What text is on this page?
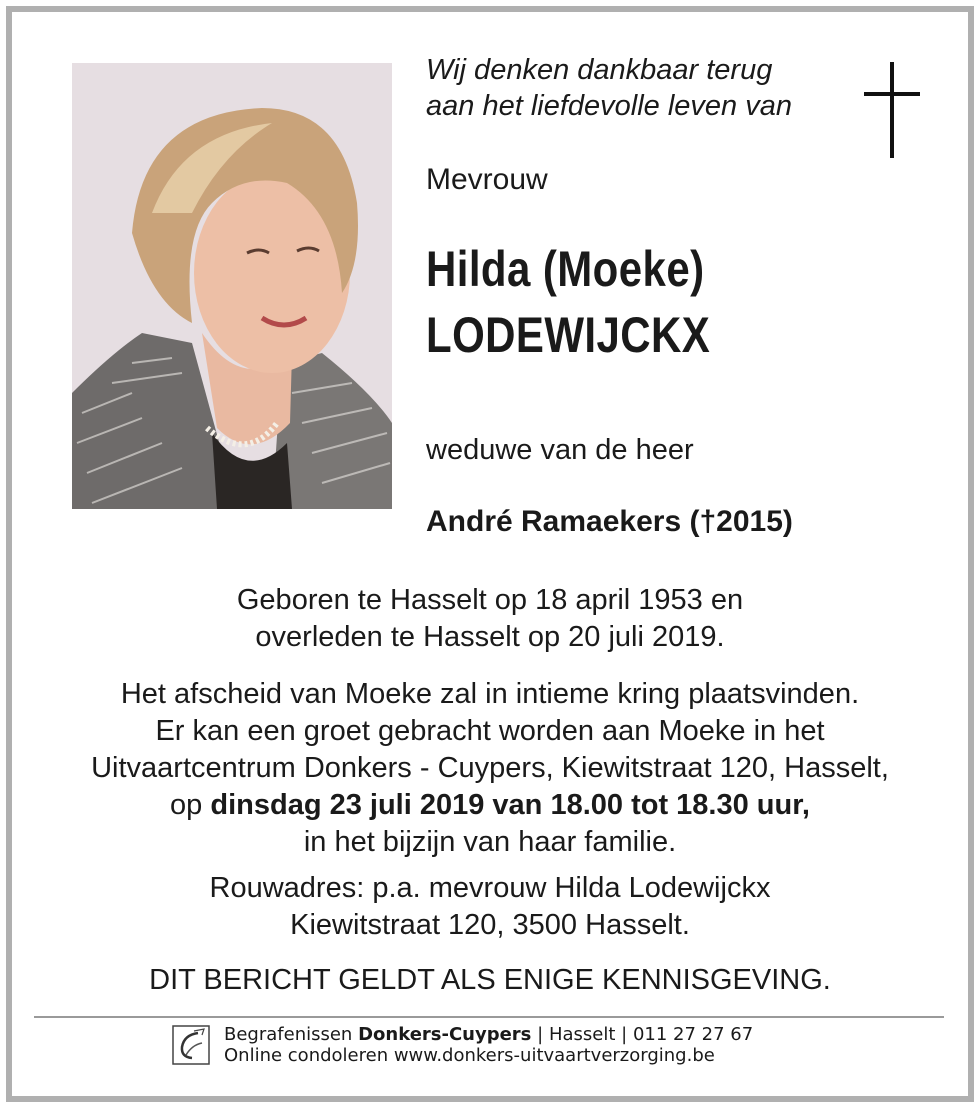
Wij denken dankbaar terug
aan het liefdevolle leven van
Mevrouw
Hilda (Moeke)
LODEWIJCKX
weduwe van de heer
André Ramaekers (†2015)
Geboren te Hasselt op 18 april 1953 en
overleden te Hasselt op 20 juli 2019.
Het afscheid van Moeke zal in intieme kring plaatsvinden.
Er kan een groet gebracht worden aan Moeke in het
Uitvaartcentrum Donkers - Cuypers, Kiewitstraat 120, Hasselt,
op dinsdag 23 juli 2019 van 18.00 tot 18.30 uur,
in het bijzijn van haar familie.
Rouwadres: p.a. mevrouw Hilda Lodewijckx
Kiewitstraat 120, 3500 Hasselt.
DIT BERICHT GELDT ALS ENIGE KENNISGEVING.
Begrafenissen Donkers-Cuypers | Hasselt | 011 27 27 67
Online condoleren www.donkers-uitvaartverzorging.be
